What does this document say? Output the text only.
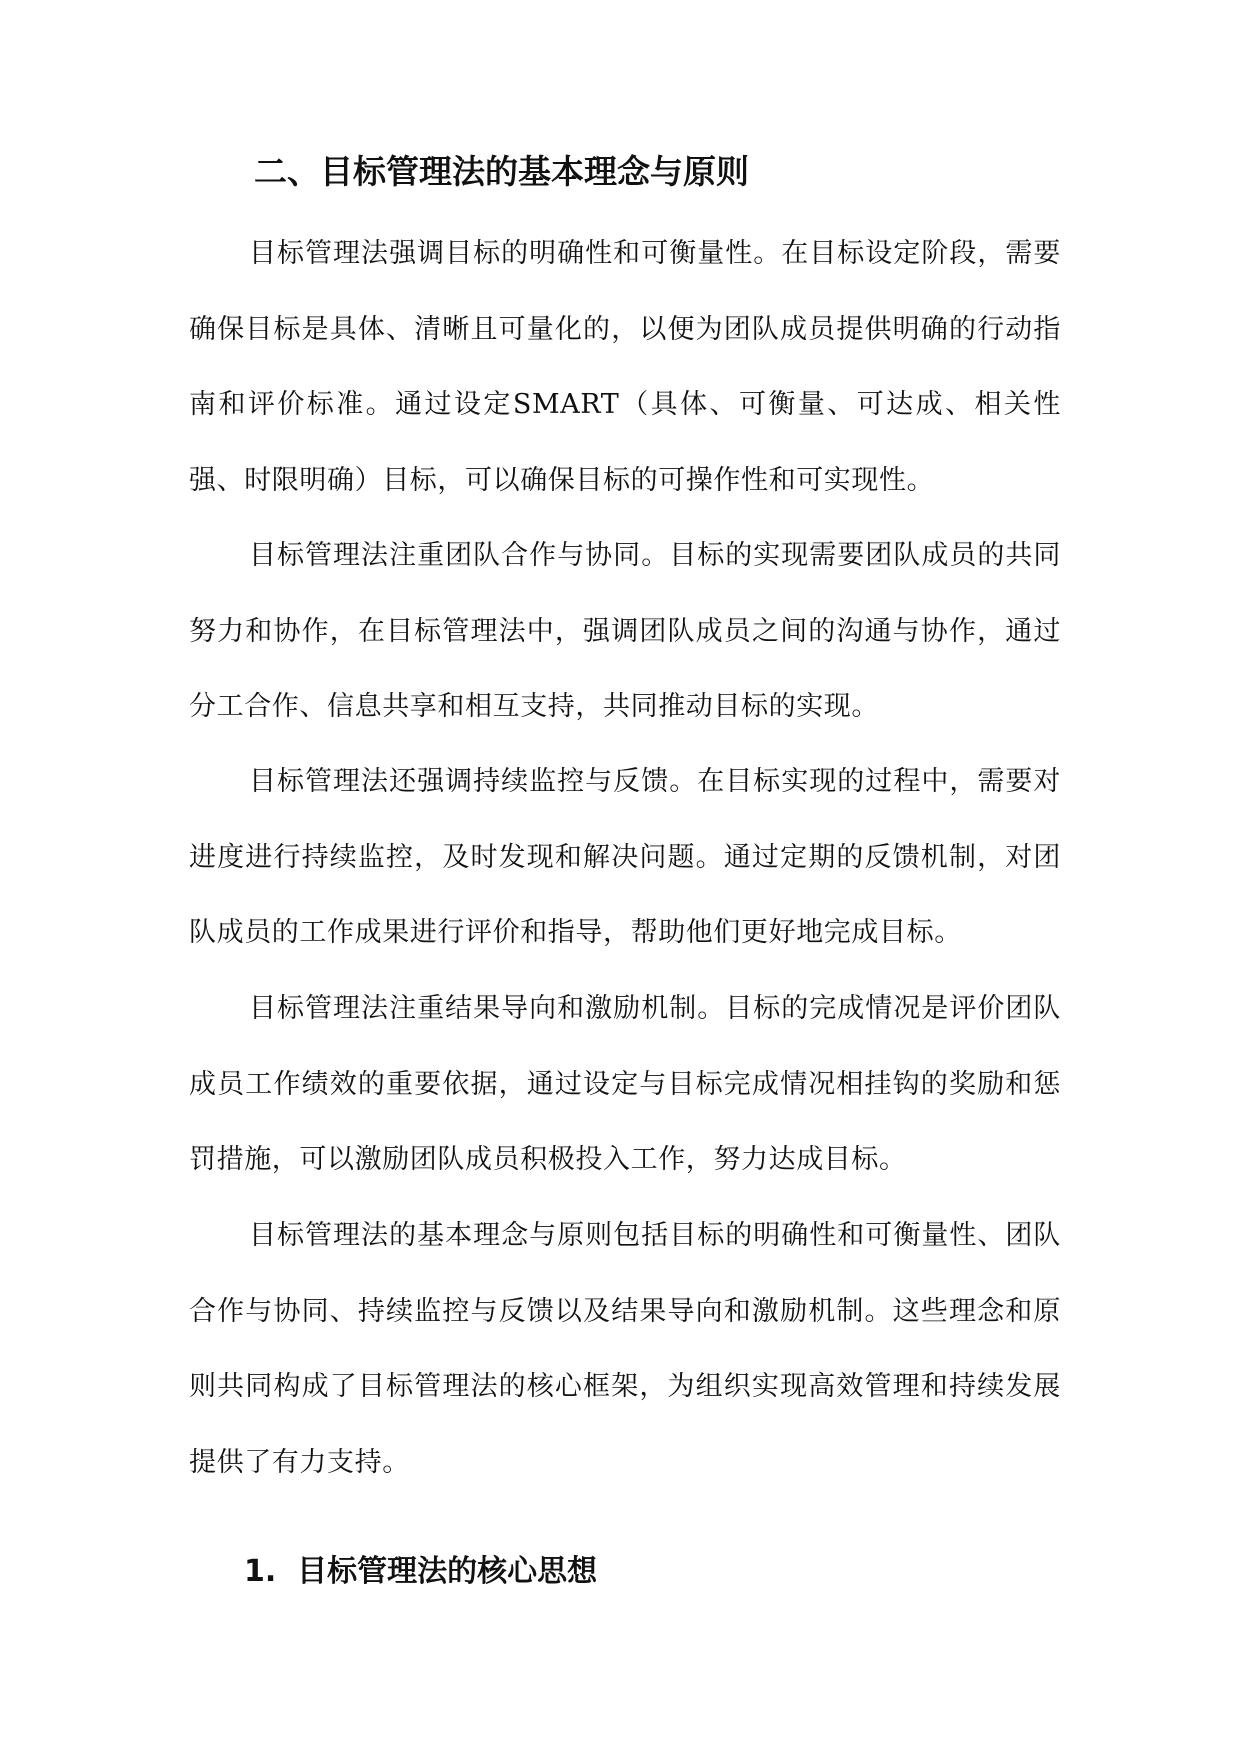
二、目标管理法的基本理念与原则

目标管理法强调目标的明确性和可衡量性。在目标设定阶段，需要确保目标是具体、清晰且可量化的，以便为团队成员提供明确的行动指南和评价标准。通过设定SMART（具体、可衡量、可达成、相关性强、时限明确）目标，可以确保目标的可操作性和可实现性。

目标管理法注重团队合作与协同。目标的实现需要团队成员的共同努力和协作，在目标管理法中，强调团队成员之间的沟通与协作，通过分工合作、信息共享和相互支持，共同推动目标的实现。

目标管理法还强调持续监控与反馈。在目标实现的过程中，需要对进度进行持续监控，及时发现和解决问题。通过定期的反馈机制，对团队成员的工作成果进行评价和指导，帮助他们更好地完成目标。

目标管理法注重结果导向和激励机制。目标的完成情况是评价团队成员工作绩效的重要依据，通过设定与目标完成情况相挂钩的奖励和惩罚措施，可以激励团队成员积极投入工作，努力达成目标。

目标管理法的基本理念与原则包括目标的明确性和可衡量性、团队合作与协同、持续监控与反馈以及结果导向和激励机制。这些理念和原则共同构成了目标管理法的核心框架，为组织实现高效管理和持续发展提供了有力支持。

1.  目标管理法的核心思想
